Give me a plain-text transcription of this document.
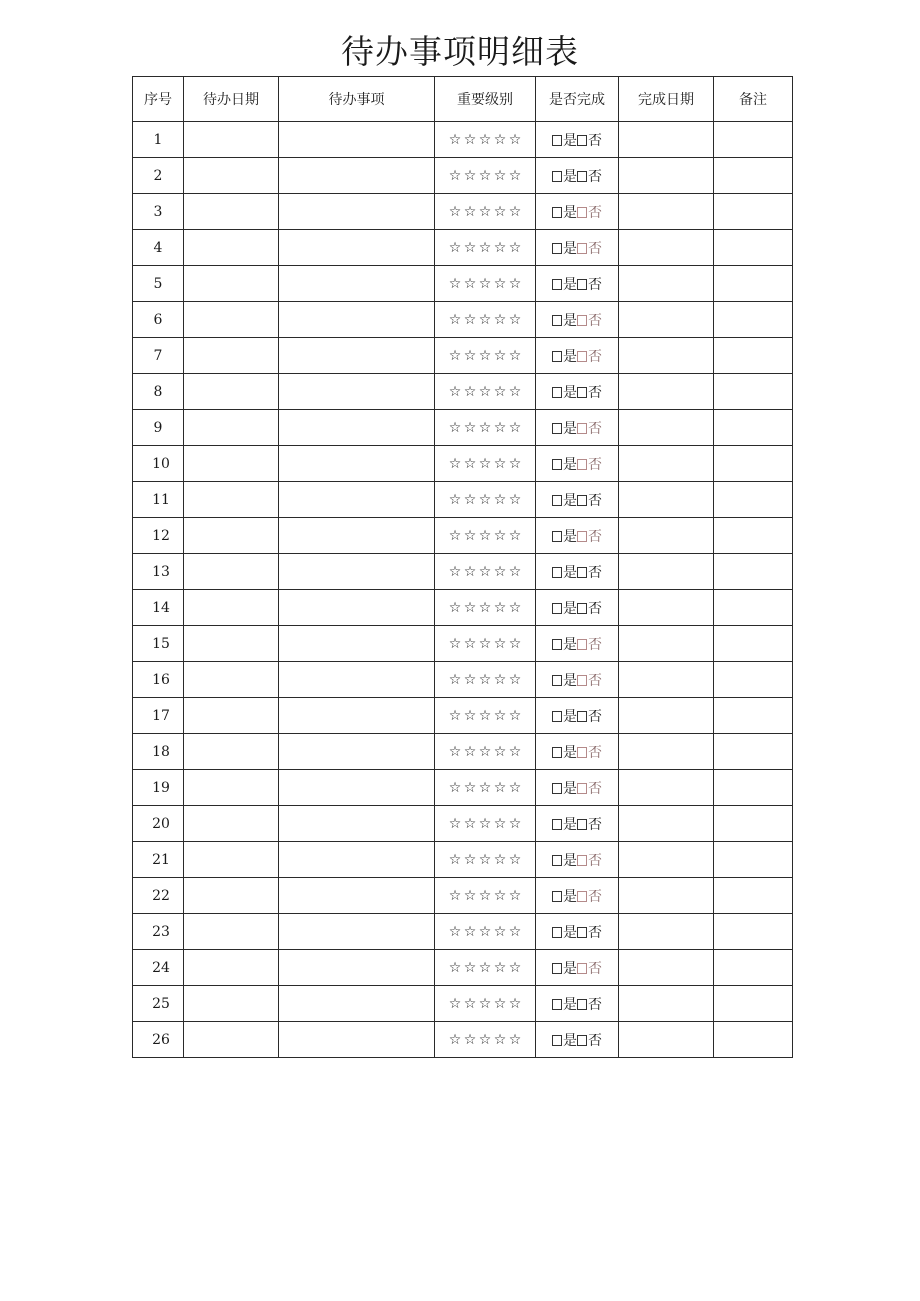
待办事项明细表
序号	待办日期	待办事项	重要级别	是否完成	完成日期	备注
1			☆ ☆ ☆ ☆ ☆	是 否		
2			☆ ☆ ☆ ☆ ☆	是 否		
3			☆ ☆ ☆ ☆ ☆	是 否		
4			☆ ☆ ☆ ☆ ☆	是 否		
5			☆ ☆ ☆ ☆ ☆	是 否		
6			☆ ☆ ☆ ☆ ☆	是 否		
7			☆ ☆ ☆ ☆ ☆	是 否		
8			☆ ☆ ☆ ☆ ☆	是 否		
9			☆ ☆ ☆ ☆ ☆	是 否		
10			☆ ☆ ☆ ☆ ☆	是 否		
11			☆ ☆ ☆ ☆ ☆	是 否		
12			☆ ☆ ☆ ☆ ☆	是 否		
13			☆ ☆ ☆ ☆ ☆	是 否		
14			☆ ☆ ☆ ☆ ☆	是 否		
15			☆ ☆ ☆ ☆ ☆	是 否		
16			☆ ☆ ☆ ☆ ☆	是 否		
17			☆ ☆ ☆ ☆ ☆	是 否		
18			☆ ☆ ☆ ☆ ☆	是 否		
19			☆ ☆ ☆ ☆ ☆	是 否		
20			☆ ☆ ☆ ☆ ☆	是 否		
21			☆ ☆ ☆ ☆ ☆	是 否		
22			☆ ☆ ☆ ☆ ☆	是 否		
23			☆ ☆ ☆ ☆ ☆	是 否		
24			☆ ☆ ☆ ☆ ☆	是 否		
25			☆ ☆ ☆ ☆ ☆	是 否		
26			☆ ☆ ☆ ☆ ☆	是 否		
